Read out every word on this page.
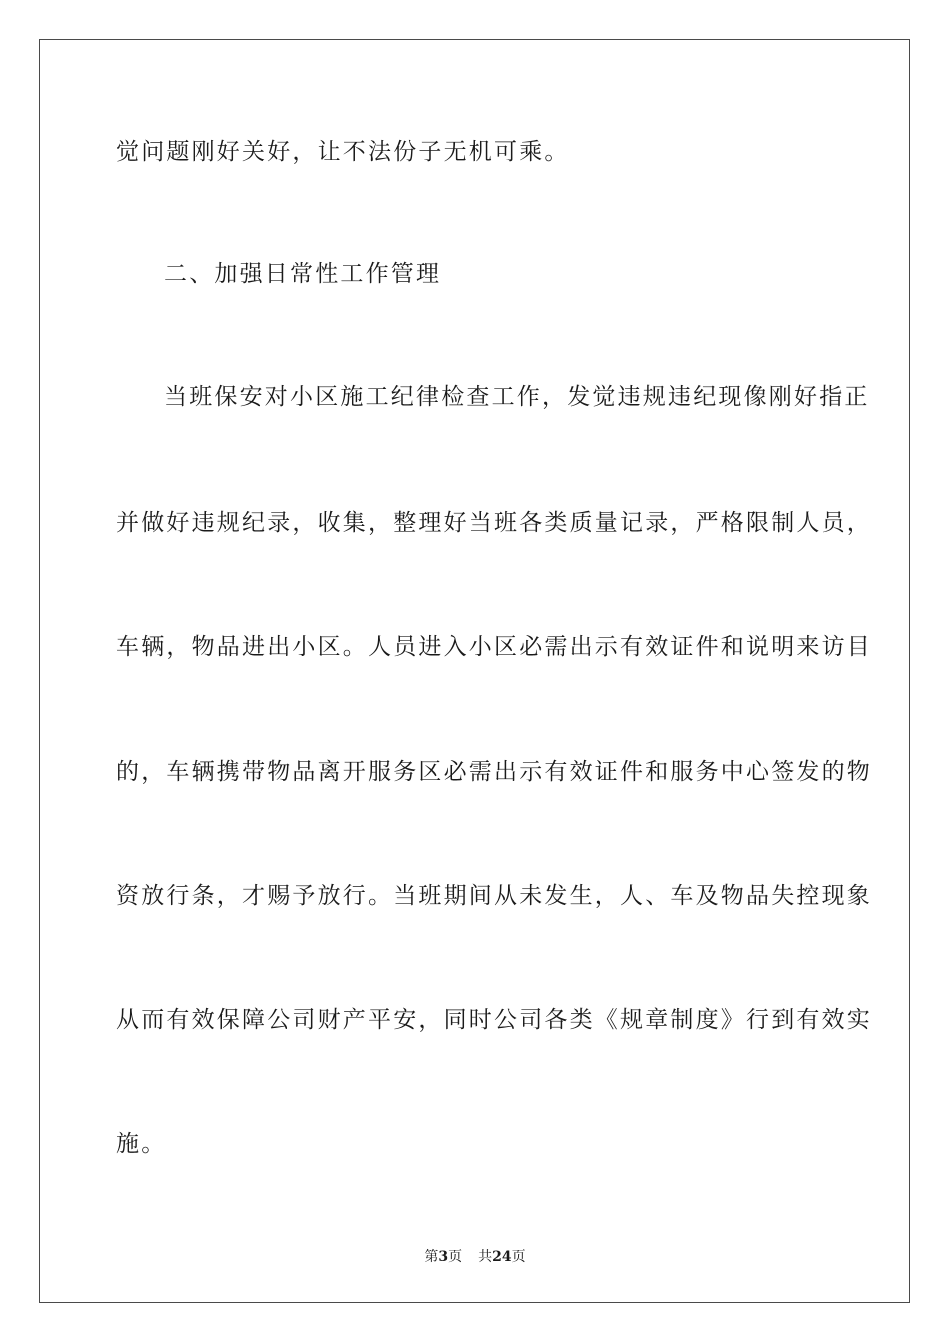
觉问题刚好关好，让不法份子无机可乘。
二、加强日常性工作管理
当班保安对小区施工纪律检查工作，发觉违规违纪现像刚好指正
并做好违规纪录，收集，整理好当班各类质量记录，严格限制人员，
车辆，物品进出小区。人员进入小区必需出示有效证件和说明来访目
的，车辆携带物品离开服务区必需出示有效证件和服务中心签发的物
资放行条，才赐予放行。当班期间从未发生，人、车及物品失控现象
从而有效保障公司财产平安，同时公司各类《规章制度》行到有效实
施。
第3页 共24页
